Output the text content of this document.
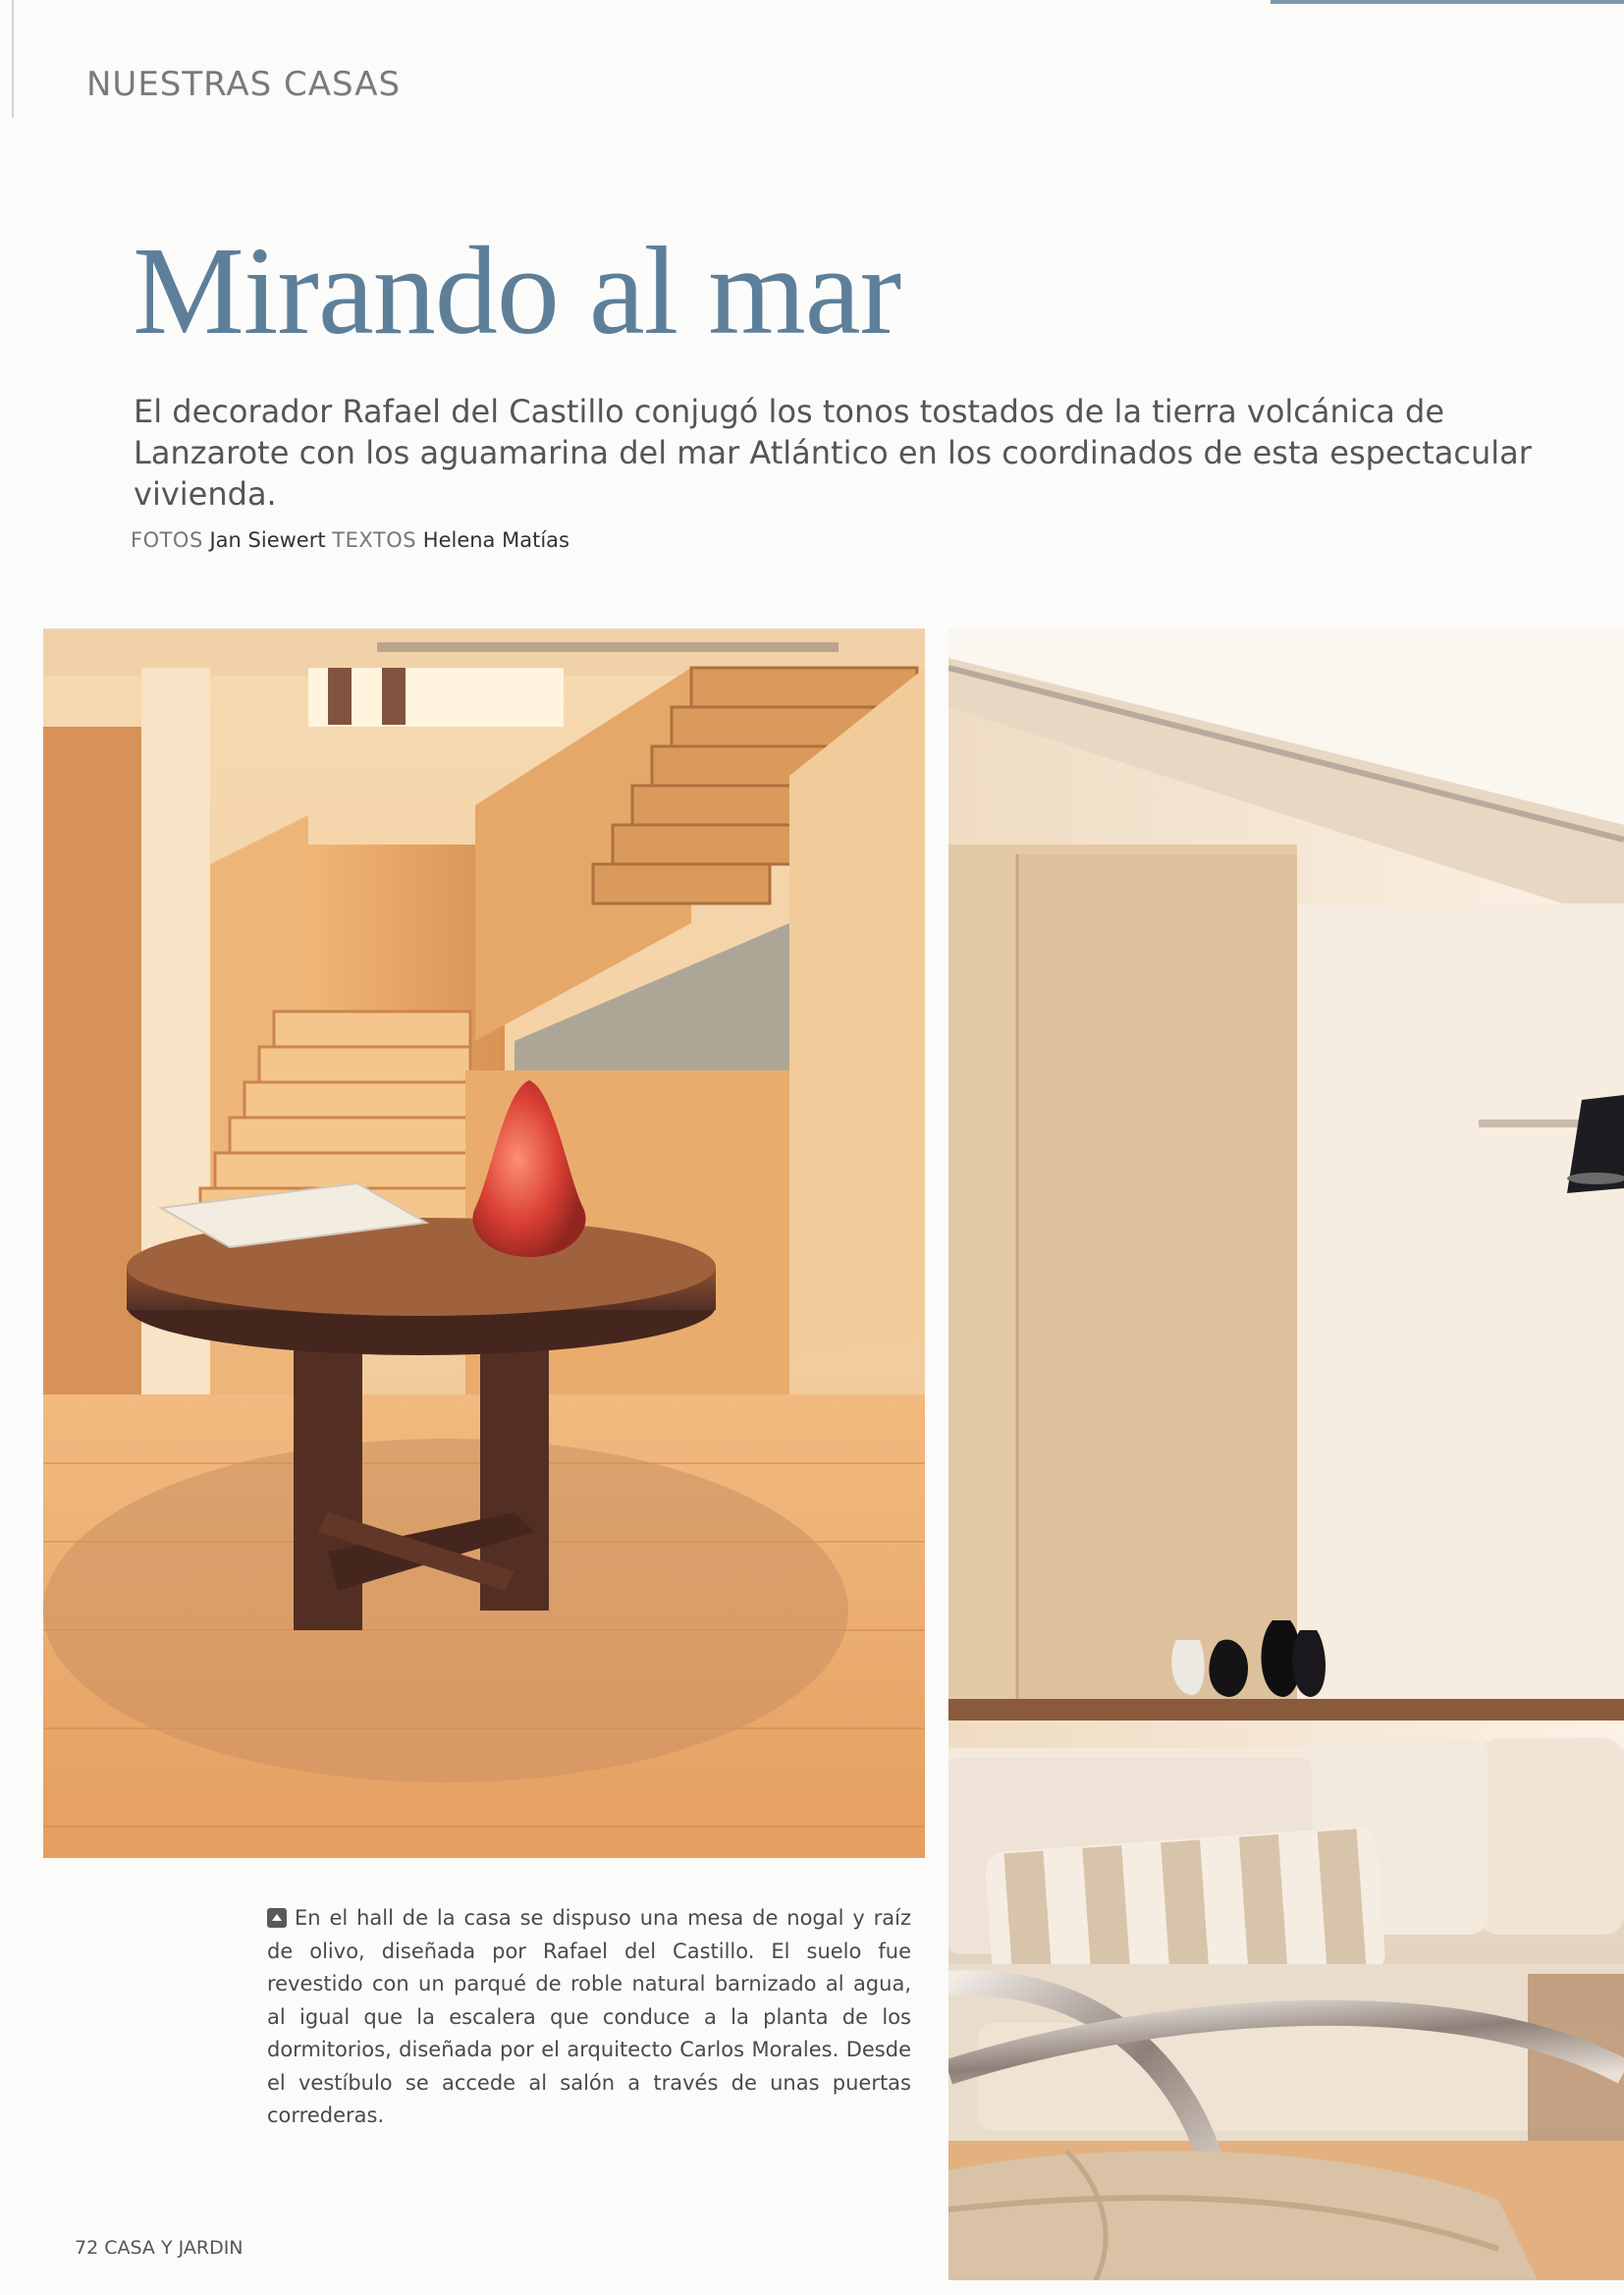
NUESTRAS CASAS

Mirando al mar

El decorador Rafael del Castillo conjugó los tonos tostados de la tierra volcánica de Lanzarote con los aguamarina del mar Atlántico en los coordinados de esta espectacular vivienda.

FOTOS Jan Siewert TEXTOS Helena Matías

En el hall de la casa se dispuso una mesa de nogal y raíz de olivo, diseñada por Rafael del Castillo. El suelo fue revestido con un parqué de roble natural barnizado al agua, al igual que la escalera que conduce a la planta de los dormitorios, diseñada por el arquitecto Carlos Morales. Desde el vestíbulo se accede al salón a través de unas puertas correderas.

72 CASA Y JARDIN
